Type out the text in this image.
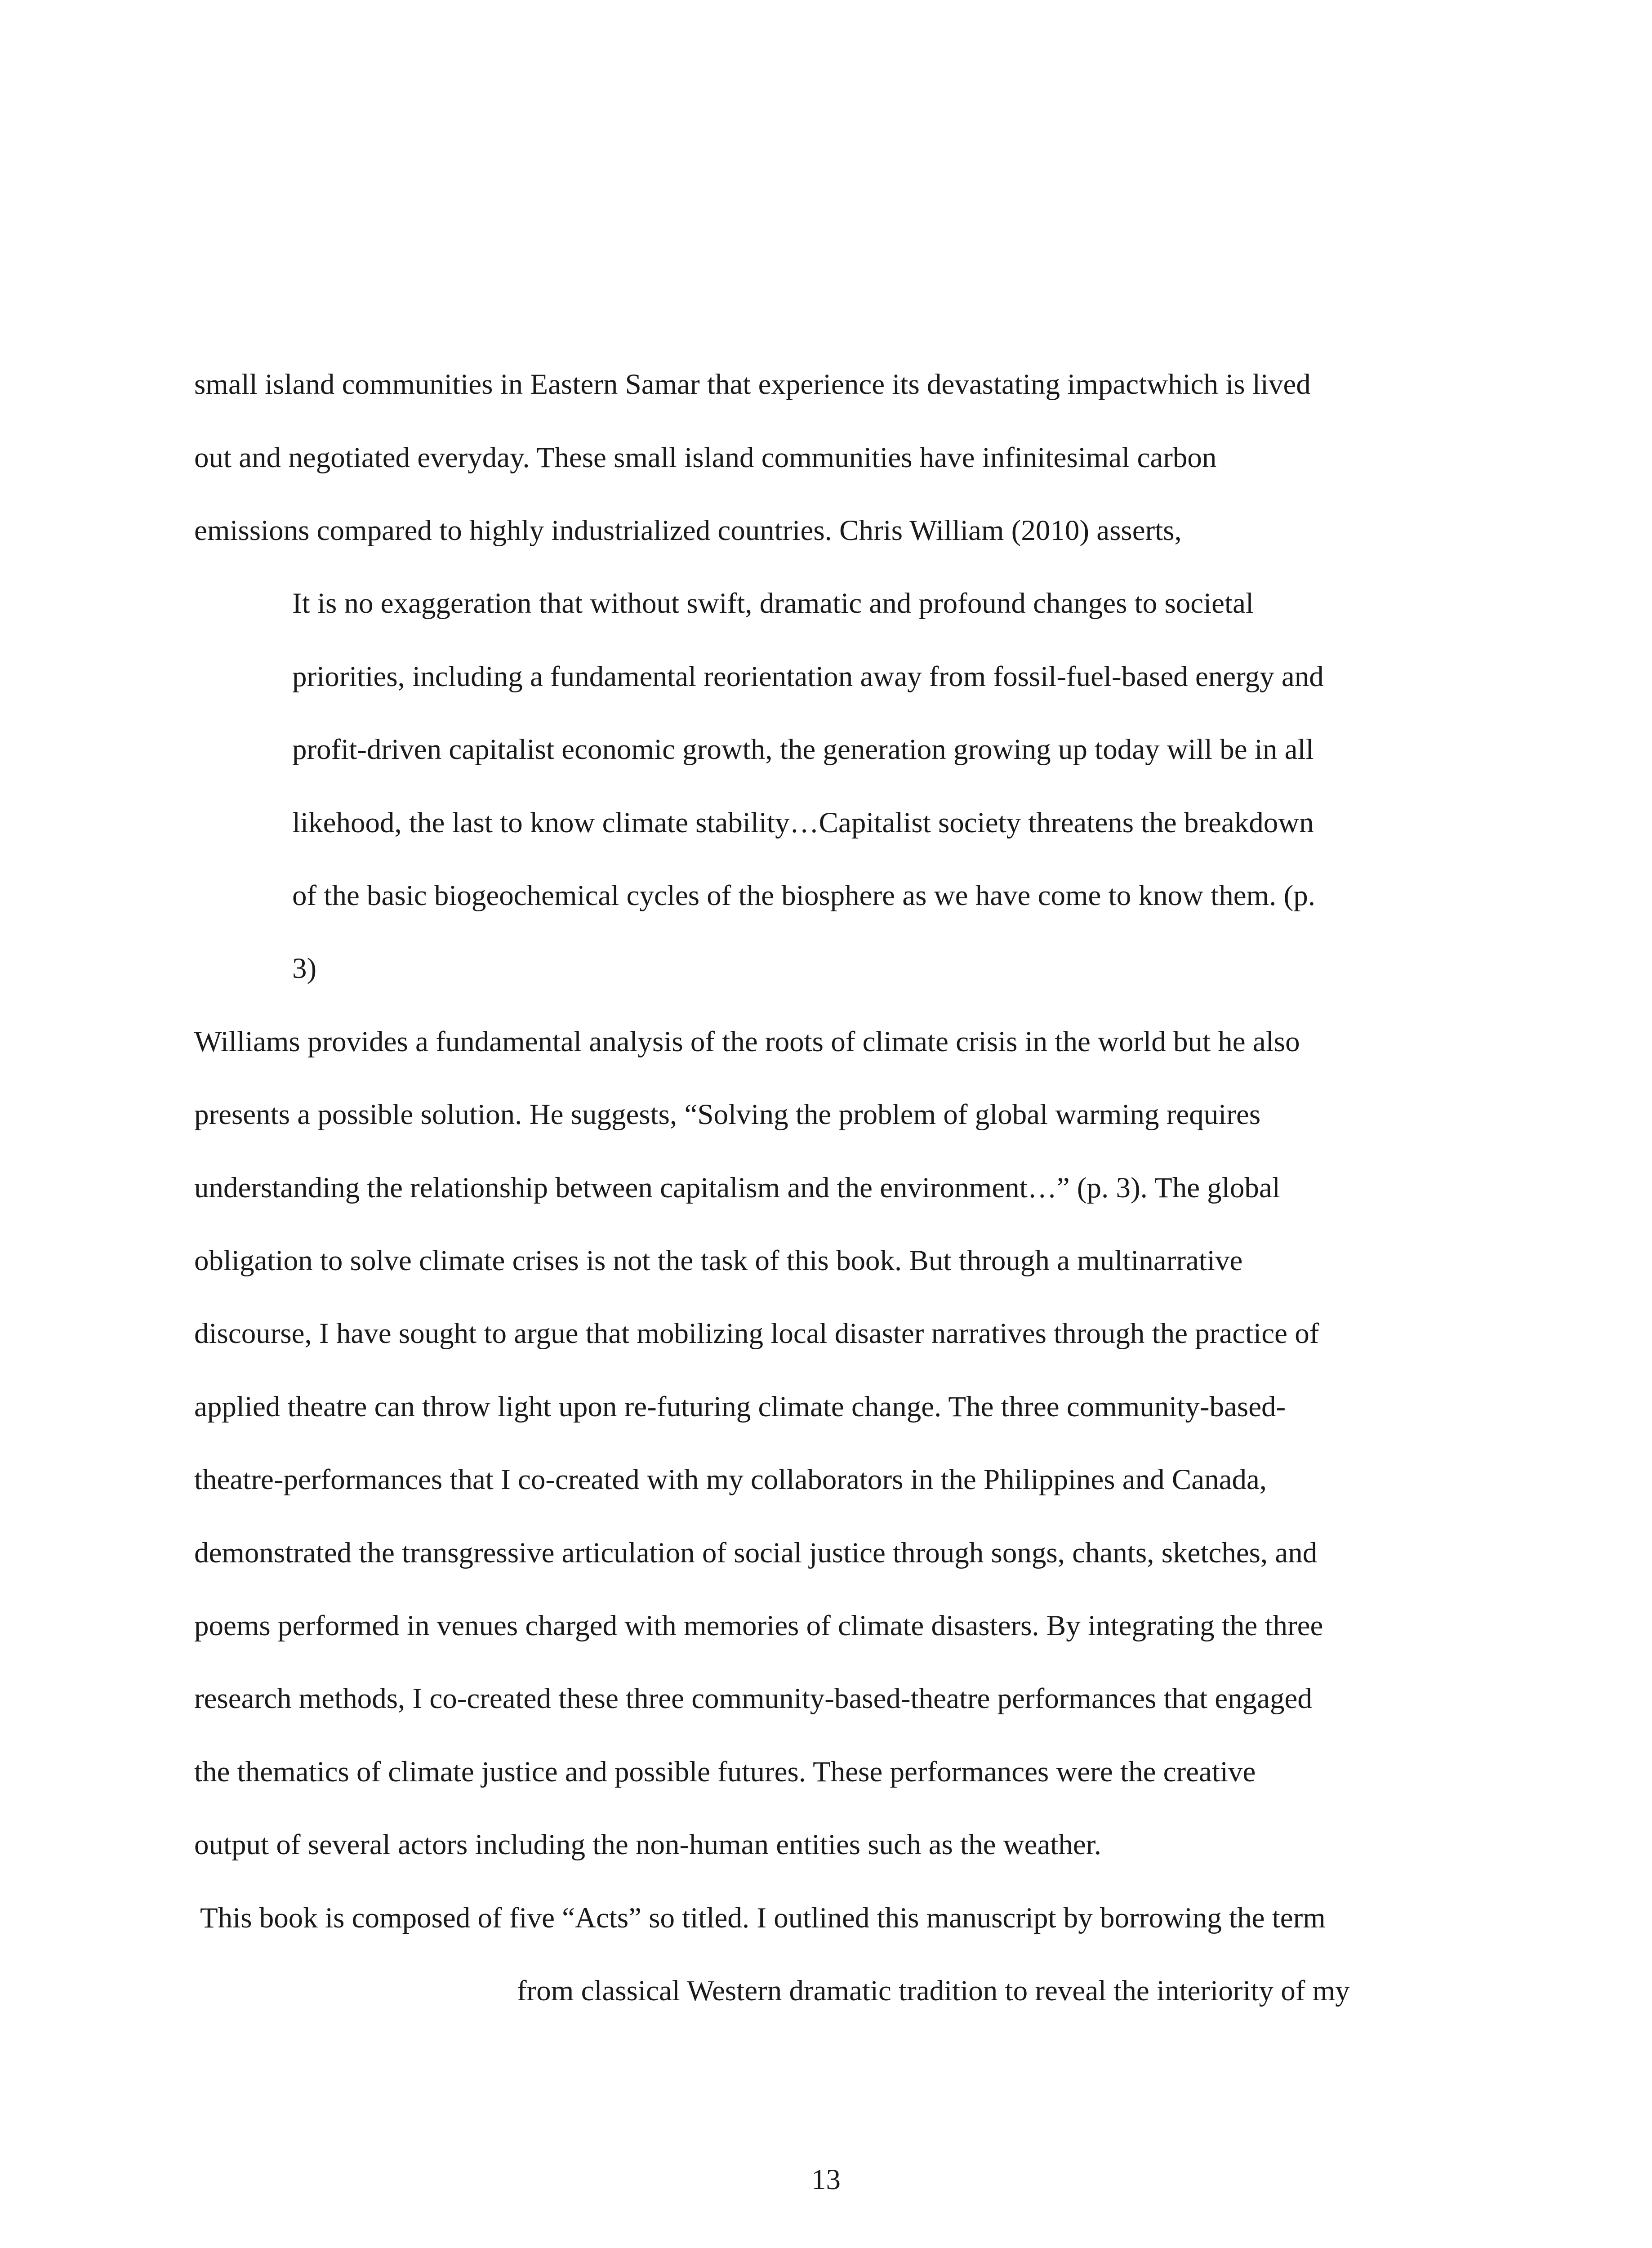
small island communities in Eastern Samar that experience its devastating impactwhich is lived

out and negotiated everyday. These small island communities have infinitesimal carbon

emissions compared to highly industrialized countries. Chris William (2010) asserts,

It is no exaggeration that without swift, dramatic and profound changes to societal

priorities, including a fundamental reorientation away from fossil-fuel-based energy and

profit-driven capitalist economic growth, the generation growing up today will be in all

likehood, the last to know climate stability…Capitalist society threatens the breakdown

of the basic biogeochemical cycles of the biosphere as we have come to know them. (p.

3)

Williams provides a fundamental analysis of the roots of climate crisis in the world but he also

presents a possible solution. He suggests, “Solving the problem of global warming requires

understanding the relationship between capitalism and the environment…” (p. 3). The global

obligation to solve climate crises is not the task of this book. But through a multinarrative

discourse, I have sought to argue that mobilizing local disaster narratives through the practice of

applied theatre can throw light upon re-futuring climate change. The three community-based-

theatre-performances that I co-created with my collaborators in the Philippines and Canada,

demonstrated the transgressive articulation of social justice through songs, chants, sketches, and

poems performed in venues charged with memories of climate disasters. By integrating the three

research methods, I co-created these three community-based-theatre performances that engaged

the thematics of climate justice and possible futures. These performances were the creative

output of several actors including the non-human entities such as the weather.

This book is composed of five “Acts” so titled. I outlined this manuscript by borrowing the term

from classical Western dramatic tradition to reveal the interiority of my

13
